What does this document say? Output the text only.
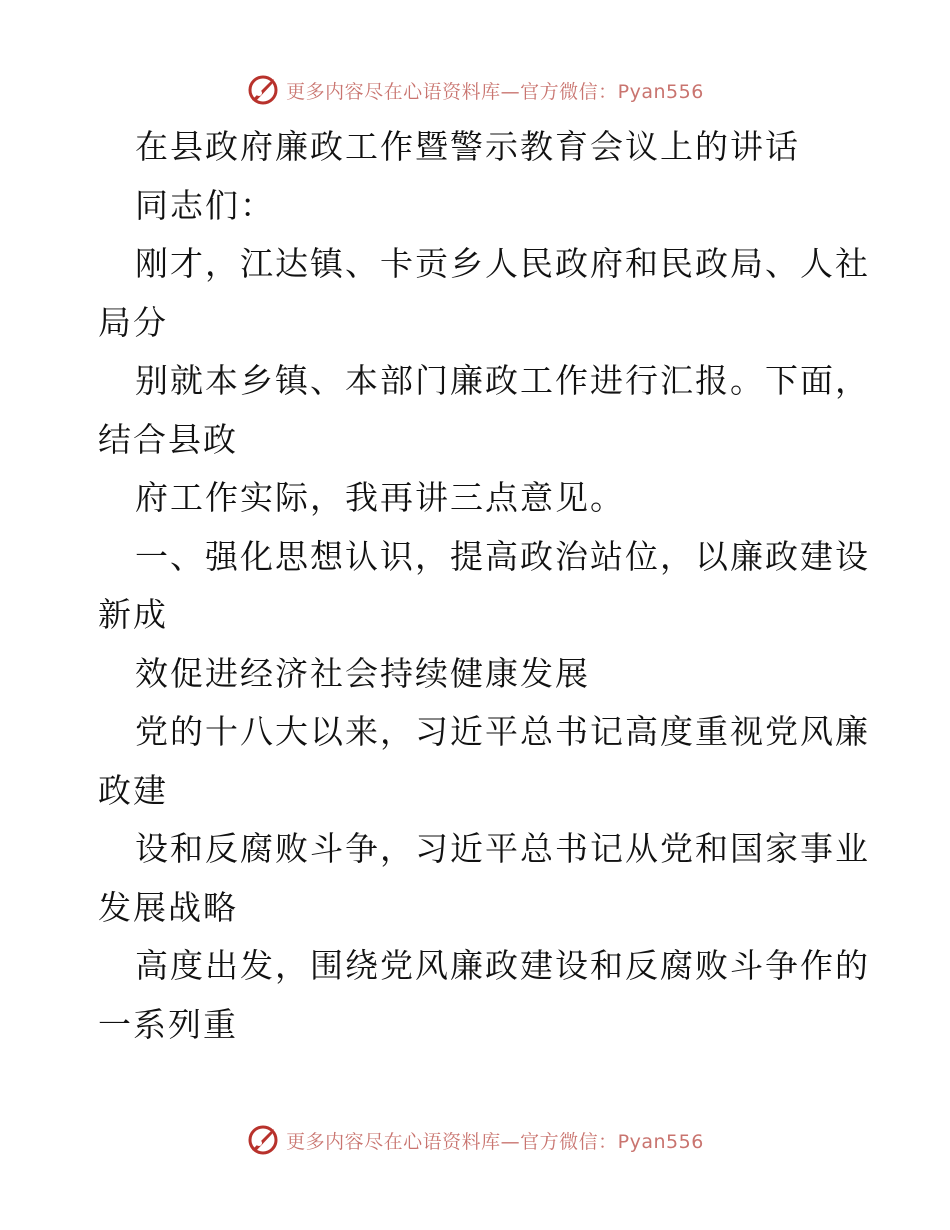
更多内容尽在心语资料库—官方微信：Pyan556
在县政府廉政工作暨警示教育会议上的讲话
同志们：
刚才，江达镇、卡贡乡人民政府和民政局、人社
局分
别就本乡镇、本部门廉政工作进行汇报。下面，
结合县政
府工作实际，我再讲三点意见。
一、强化思想认识，提高政治站位，以廉政建设
新成
效促进经济社会持续健康发展
党的十八大以来，习近平总书记高度重视党风廉
政建
设和反腐败斗争，习近平总书记从党和国家事业
发展战略
高度出发，围绕党风廉政建设和反腐败斗争作的
一系列重
更多内容尽在心语资料库—官方微信：Pyan556
